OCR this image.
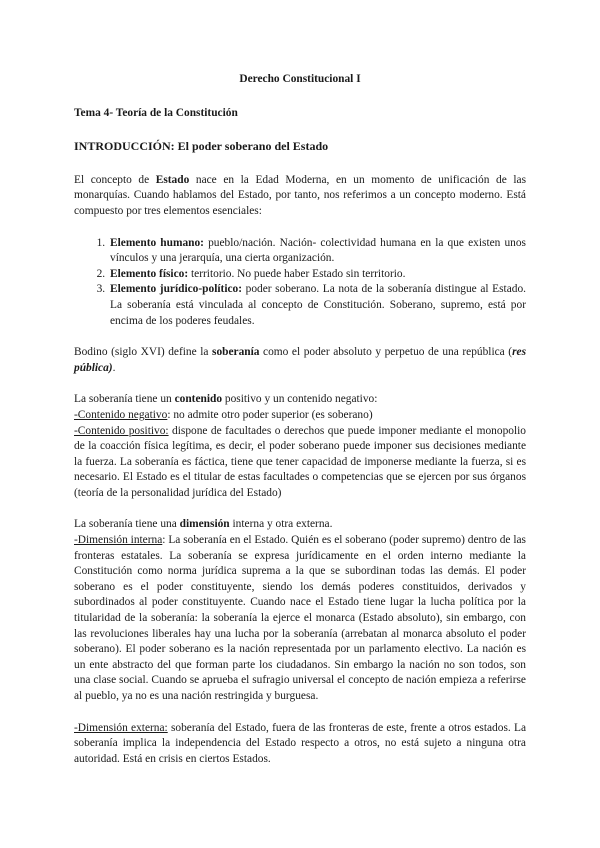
Derecho Constitucional I
Tema 4- Teoría de la Constitución
INTRODUCCIÓN: El poder soberano del Estado

El concepto de Estado nace en la Edad Moderna, en un momento de unificación de las monarquías. Cuando hablamos del Estado, por tanto, nos referimos a un concepto moderno. Está compuesto por tres elementos esenciales:

1. Elemento humano: pueblo/nación. Nación- colectividad humana en la que existen unos vínculos y una jerarquía, una cierta organización.
2. Elemento físico: territorio. No puede haber Estado sin territorio.
3. Elemento jurídico-político: poder soberano. La nota de la soberanía distingue al Estado. La soberanía está vinculada al concepto de Constitución. Soberano, supremo, está por encima de los poderes feudales.

Bodino (siglo XVI) define la soberanía como el poder absoluto y perpetuo de una república (res pública).

La soberanía tiene un contenido positivo y un contenido negativo:

-Contenido negativo: no admite otro poder superior (es soberano)

-Contenido positivo: dispone de facultades o derechos que puede imponer mediante el monopolio de la coacción física legítima, es decir, el poder soberano puede imponer sus decisiones mediante la fuerza. La soberanía es fáctica, tiene que tener capacidad de imponerse mediante la fuerza, si es necesario. El Estado es el titular de estas facultades o competencias que se ejercen por sus órganos (teoría de la personalidad jurídica del Estado)

La soberanía tiene una dimensión interna y otra externa.

-Dimensión interna: La soberanía en el Estado. Quién es el soberano (poder supremo) dentro de las fronteras estatales. La soberanía se expresa jurídicamente en el orden interno mediante la Constitución como norma jurídica suprema a la que se subordinan todas las demás. El poder soberano es el poder constituyente, siendo los demás poderes constituidos, derivados y subordinados al poder constituyente. Cuando nace el Estado tiene lugar la lucha política por la titularidad de la soberanía: la soberanía la ejerce el monarca (Estado absoluto), sin embargo, con las revoluciones liberales hay una lucha por la soberanía (arrebatan al monarca absoluto el poder soberano). El poder soberano es la nación representada por un parlamento electivo. La nación es un ente abstracto del que forman parte los ciudadanos. Sin embargo la nación no son todos, son una clase social. Cuando se aprueba el sufragio universal el concepto de nación empieza a referirse al pueblo, ya no es una nación restringida y burguesa.

-Dimensión externa: soberanía del Estado, fuera de las fronteras de este, frente a otros estados. La soberanía implica la independencia del Estado respecto a otros, no está sujeto a ninguna otra autoridad. Está en crisis en ciertos Estados.
